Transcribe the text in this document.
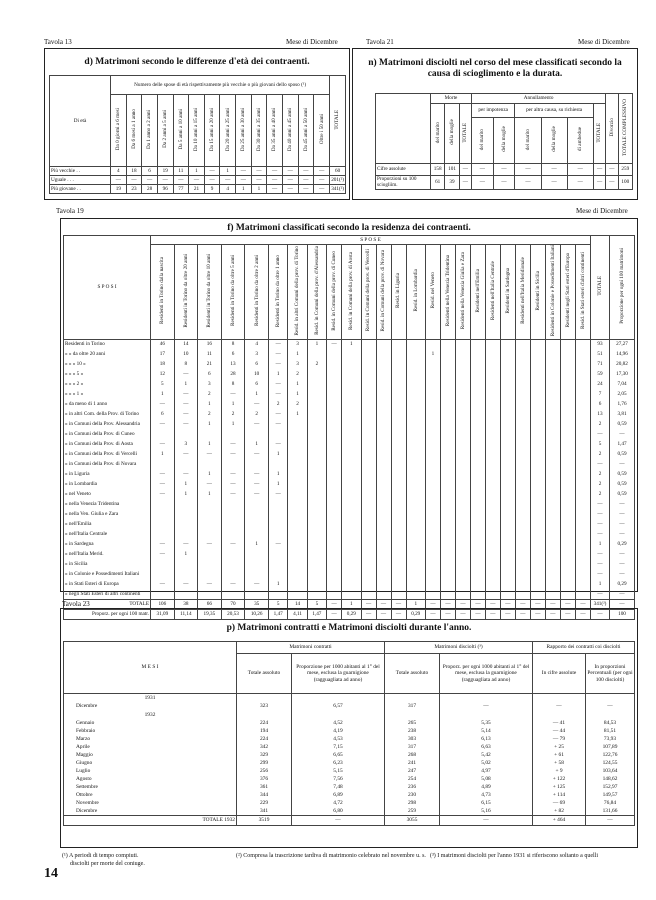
Tavola 13	Mese di Dicembre	Tavola 21	Mese di Dicembre
d) Matrimoni secondo le differenze d'età dei contraenti.
Di età	Numero delle spose di età rispettivamente più vecchie o più giovani dello sposo (¹)														TOTALE
	Da 0 giorni a 6 mesi	Da 6 mesi a 1 anno	Da 1 anno a 2 anni	Da 2 anni a 5 anni	Da 5 anni a 10 anni	Da 10 anni a 15 anni	Da 15 anni a 20 anni	Da 20 anni a 25 anni	Da 25 anni a 30 anni	Da 30 anni a 35 anni	Da 35 anni a 40 anni	Da 40 anni a 45 anni	Da 45 anni a 50 anni	Oltre i 50 anni	
Più vecchie . .	4	18	6	19	11	1	—	1	—	—	—	—	—	—	60
Uguale . . .	—	—	—	—	—	—	—	—	—	—	—	—	—	—	201(²)
Più giovane . .	19	23	28	96	77	21	9	4	1	1	—	—	—	—	341(²)
n) Matrimoni disciolti nel corso del mese classificati secondo la causa di scioglimento e la durata.
	Morte			Annullamento						Divorzio	TOTALE COMPLESSIVO
	del marito	della moglie	TOTALE	per impotenza		per altra causa, su richiesta			TOTALE		
				del marito	della moglie	del marito	della moglie	di ambedue			
Cifre assolute	158	101	—	—	—	—	—	—	—	—	259
Proporzioni su 100 sciogliim.	61	39	—	—	—	—	—	—	—	—	100
Tavola 19	Mese di Dicembre
f) Matrimoni classificati secondo la residenza dei contraenti.
S P O S I	S P O S E																									TOTALE	Proporzione per ogni 100 matrimoni
	Residenti in Torino dalla nascita	Residenti in Torino da oltre 20 anni	Residenti in Torino da oltre 10 anni	Residenti in Torino da oltre 5 anni	Residenti in Torino da oltre 2 anni	Residenti in Torino da oltre 1 anno	Resid. in altri Comuni della prov. di Torino	Resid. in Comuni della prov. d'Alessandria	Resid. in Comuni della prov. di Cuneo	Resid. in Comuni della prov. di Aosta	Resid. in Comuni della prov. di Vercelli	Resid. in Comuni della prov. di Novara	Resid. in Liguria	Resid. in Lombardia	Resid. nel Veneto	Residenti nella Venezia Tridentina	Residenti nella Venezia Giulia e Zara	Residenti nell'Emilia	Residenti nell'Italia Centrale	Residenti in Sardegna	Residenti nell'Italia Meridionale	Residenti in Sicilia	Residenti in Colonie e Possedimenti Italiani	Residenti negli Stati esteri d'Europa	Resid. in Stati esteri d'altri continenti		
Residenti in Torino	46	14	16	8	4	—	3	1	—	1																93	27,27
» » da oltre 20 anni	17	10	11	6	3	—	1								1											51	14,96
» » » 10 »	18	8	21	13	6	—	3	2																		71	20,82
» » » 5 »	12	—	6	28	10	1	2																			59	17,30
» » » 2 »	5	1	3	8	6	—	1																			24	7,04
» » » 1 »	1	—	2	—	1	—	1																			7	2,05
» da meno di 1 anno	—	—	1	1	—	2	2																			6	1,76
» in altri Com. della Prov. di Torino	6	—	2	2	2	—	1																			13	3,81
» in Comuni della Prov. Alessandria	—	—	1	1	—	—																				2	0,59
» in Comuni della Prov. di Cuneo																										—	—
» in Comuni della Prov. di Aosta	—	3	1	—	1	—																				5	1,47
» in Comuni della Prov. di Vercelli	1	—	—	—	—	1																				2	0,59
» in Comuni della Prov. di Novara																										—	—
» in Liguria	—	—	1	—	—	1																				2	0,59
» in Lombardia	—	1	—	—	—	1																				2	0,59
» nel Veneto	—	1	1	—	—	—																				2	0,59
» nella Venezia Tridentina																										—	—
» nella Ven. Giulia e Zara																										—	—
» nell'Emilia																										—	—
» nell'Italia Centrale																										—	—
» in Sardegna	—	—	—	—	1	—																				1	0,29
» nell'Italia Merid.	—	1																								—	—
» in Sicilia																										—	—
» in Colonie e Possedimenti Italiani																										—	—
» in Stati Esteri di Europa	—	—	—	—	—	1																				1	0,29
» negli Stati Esteri di altri continenti																										—	—
TOTALE	106	38	66	70	35	5	14	5	—	1	—	—	—	1	—	—	—	—	—	—	—	—	—	—	—	341(²)	—
Proporz. per ogni 100 matr.	31,09	11,14	19,35	20,53	10,26	1,47	4,11	1,47	—	0,29	—	—	—	0,29	—	—	—	—	—	—	—	—	—	—	—	—	100
Tavola 23
p) Matrimoni contratti e Matrimoni disciolti durante l'anno.
M E S I	Matrimoni contratti		Matrimoni disciolti (³)		Rapporto dei contratti coi disciolti	
	Totale assoluto	Proporzione per 1000 abitanti al 1° del mese, esclusa la guarnigione (ragguagliata ad anno)	Totale assoluto	Proporz. per ogni 1000 abitanti al 1° del mese, esclusa la guarnigione (ragguagliata ad anno)	In cifre assolute	In proporzioni Percentuali (per ogni 100 disciolti)
1931						
Dicembre	323	6,57	317	—	—	—
1932						
Gennaio	224	4,52	265	5,35	— 41	84,53
Febbraio	194	4,19	238	5,14	— 44	81,51
Marzo	224	4,53	303	6,13	— 79	73,93
Aprile	342	7,15	317	6,63	+ 25	107,89
Maggio	329	6,65	268	5,42	+ 61	122,76
Giugno	299	6,23	241	5,02	+ 58	124,55
Luglio	256	5,15	247	4,97	+ 9	103,64
Agosto	376	7,56	254	5,08	+ 122	148,62
Settembre	361	7,48	236	4,89	+ 125	152,97
Ottobre	344	6,89	230	4,73	+ 114	149,57
Novembre	229	4,72	298	6,15	— 69	76,84
Dicembre	341	6,80	259	5,16	+ 82	131,66
TOTALE 1932	3519	—	3055	—	+ 464	—
(¹) A periodi di tempo compiuti.
disciolti per morte del coniuge.
(²) Compresa la trascrizione tardiva di matrimonio celebrato nel novembre u. s. (³) I matrimoni disciolti per l'anno 1931 si riferiscono soltanto a quelli
14
